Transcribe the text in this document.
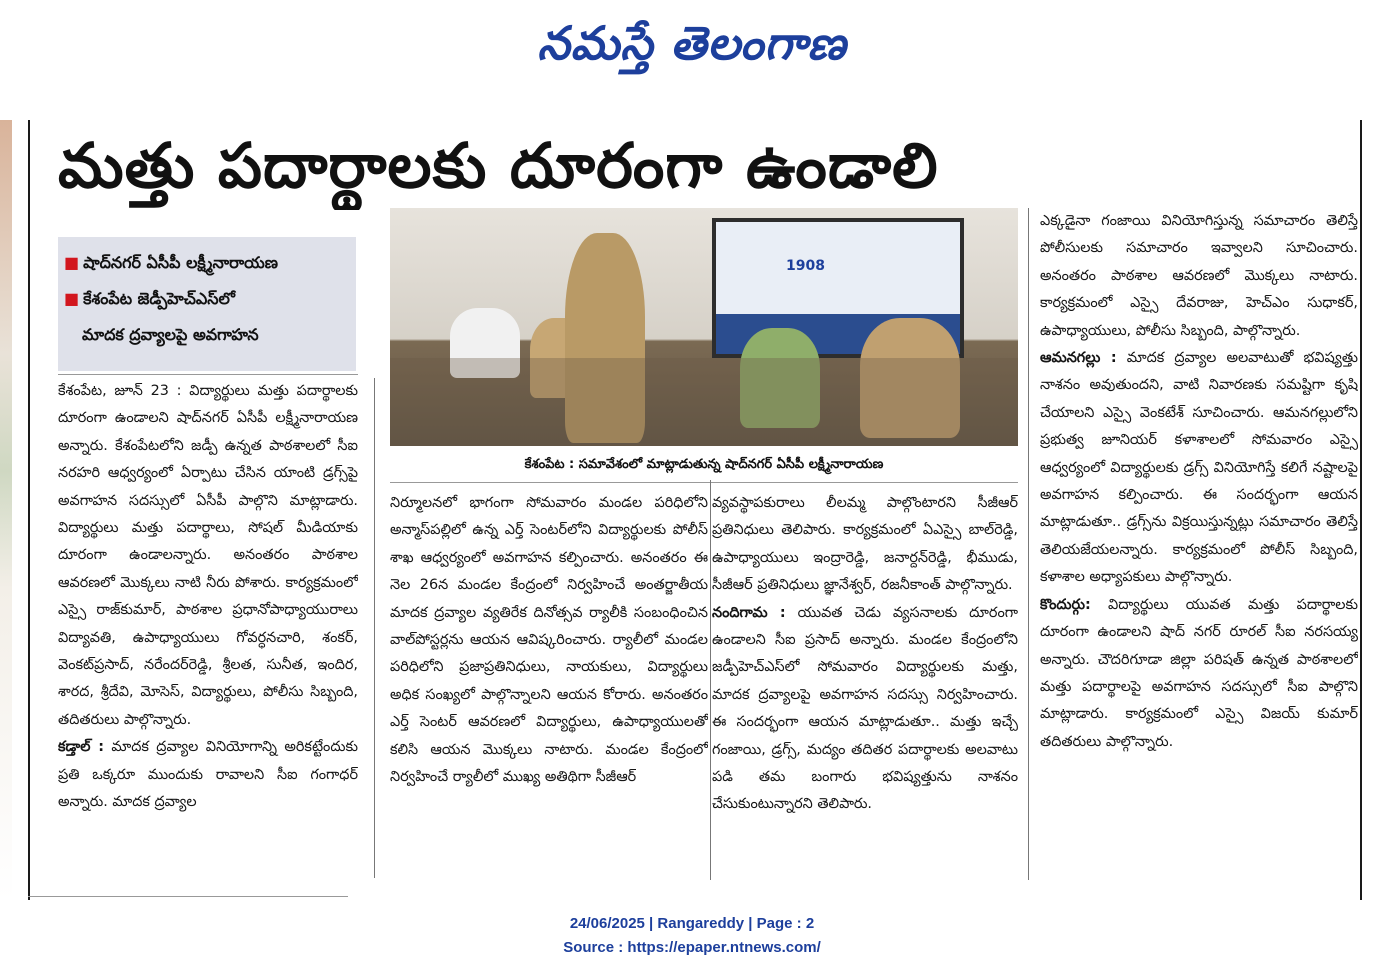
నమస్తే తెలంగాణ
మత్తు పదార్థాలకు దూరంగా ఉండాలి
■ షాద్‌నగర్ ఏసీపీ లక్ష్మీనారాయణ
■ కేశంపేట జెడ్పీహెచ్ఎస్‌లో
మాదక ద్రవ్యాలపై అవగాహన
1908
కేశంపేట : సమావేశంలో మాట్లాడుతున్న షాద్‌నగర్ ఏసీపీ లక్ష్మీనారాయణ

కేశంపేట, జూన్ 23 : విద్యార్థులు మత్తు పదార్థాలకు దూరంగా ఉండాలని షాద్‌నగర్ ఏసీపీ లక్ష్మీనారాయణ అన్నారు. కేశంపేటలోని జడ్పీ ఉన్నత పాఠశాలలో సీఐ నరహరి ఆధ్వర్యంలో ఏర్పాటు చేసిన యాంటి డ్రగ్స్‌పై అవగాహన సదస్సులో ఏసీపీ పాల్గొని మాట్లాడారు. విద్యార్థులు మత్తు పదార్థాలు, సోషల్ మీడియాకు దూరంగా ఉండాలన్నారు. అనంతరం పాఠశాల ఆవరణలో మొక్కలు నాటి నీరు పోశారు. కార్యక్రమంలో ఎస్సై రాజ్‌కుమార్, పాఠశాల ప్రధానోపాధ్యాయురాలు విద్యావతి, ఉపాధ్యాయులు గోవర్ధనచారి, శంకర్, వెంకట్‌ప్రసాద్, నరేందర్‌రెడ్డి, శ్రీలత, సునీత, ఇందిర, శారద, శ్రీదేవి, మోసెస్, విద్యార్థులు, పోలీసు సిబ్బంది, తదితరులు పాల్గొన్నారు.

కడ్తాల్ : మాదక ద్రవ్యాల వినియోగాన్ని అరికట్టేందుకు ప్రతి ఒక్కరూ ముందుకు రావాలని సీఐ గంగాధర్ అన్నారు. మాదక ద్రవ్యాల

నిర్మూలనలో భాగంగా సోమవారం మండల పరిధిలోని అన్మాస్‌పల్లిలో ఉన్న ఎర్త్ సెంటర్‌లోని విద్యార్థులకు పోలీస్ శాఖ ఆధ్వర్యంలో అవగాహన కల్పించారు. అనంతరం ఈ నెల 26న మండల కేంద్రంలో నిర్వహించే అంతర్జాతీయ మాదక ద్రవ్యాల వ్యతిరేక దినోత్సవ ర్యాలీకి సంబంధించిన వాల్‌పోస్టర్లను ఆయన ఆవిష్కరించారు. ర్యాలీలో మండల పరిధిలోని ప్రజాప్రతినిధులు, నాయకులు, విద్యార్థులు అధిక సంఖ్యలో పాల్గొన్నాలని ఆయన కోరారు. అనంతరం ఎర్త్ సెంటర్ ఆవరణలో విద్యార్థులు, ఉపాధ్యాయులతో కలిసి ఆయన మొక్కలు నాటారు. మండల కేంద్రంలో నిర్వహించే ర్యాలీలో ముఖ్య అతిథిగా సీజీఆర్

వ్యవస్థాపకురాలు లీలమ్మ పాల్గొంటారని సీజీఆర్ ప్రతినిధులు తెలిపారు. కార్యక్రమంలో ఏఎస్సై బాల్‌రెడ్డి, ఉపాధ్యాయులు ఇంద్రారెడ్డి, జనార్దన్‌రెడ్డి, భీముడు, సీజీఆర్ ప్రతినిధులు జ్ఞానేశ్వర్, రజనీకాంత్ పాల్గొన్నారు.

నందిగామ : యువత చెడు వ్యసనాలకు దూరంగా ఉండాలని సీఐ ప్రసాద్ అన్నారు. మండల కేంద్రంలోని జడ్పీహెచ్ఎస్‌లో సోమవారం విద్యార్థులకు మత్తు, మాదక ద్రవ్యాలపై అవగాహన సదస్సు నిర్వహించారు. ఈ సందర్భంగా ఆయన మాట్లాడుతూ.. మత్తు ఇచ్చే గంజాయి, డ్రగ్స్, మద్యం తదితర పదార్థాలకు అలవాటు పడి తమ బంగారు భవిష్యత్తును నాశనం చేసుకుంటున్నారని తెలిపారు.

ఎక్కడైనా గంజాయి వినియోగిస్తున్న సమాచారం తెలిస్తే పోలీసులకు సమాచారం ఇవ్వాలని సూచించారు. అనంతరం పాఠశాల ఆవరణలో మొక్కలు నాటారు. కార్యక్రమంలో ఎస్సై దేవరాజు, హెచ్‌ఎం సుధాకర్, ఉపాధ్యాయులు, పోలీసు సిబ్బంది, పాల్గొన్నారు.

ఆమనగల్లు : మాదక ద్రవ్యాల అలవాటుతో భవిష్యత్తు నాశనం అవుతుందని, వాటి నివారణకు సమష్టిగా కృషి చేయాలని ఎస్సై వెంకటేశ్ సూచించారు. ఆమనగల్లులోని ప్రభుత్వ జూనియర్ కళాశాలలో సోమవారం ఎస్సై ఆధ్వర్యంలో విద్యార్థులకు డ్రగ్స్ వినియోగిస్తే కలిగే నష్టాలపై అవగాహన కల్పించారు. ఈ సందర్భంగా ఆయన మాట్లాడుతూ.. డ్రగ్స్‌ను విక్రయిస్తున్నట్లు సమాచారం తెలిస్తే తెలియజేయలన్నారు. కార్యక్రమంలో పోలీస్ సిబ్బంది, కళాశాల అధ్యాపకులు పాల్గొన్నారు.

కొందుర్గు: విద్యార్థులు యువత మత్తు పదార్థాలకు దూరంగా ఉండాలని షాద్ నగర్ రూరల్ సీఐ నరసయ్య అన్నారు. చౌదరిగూడా జిల్లా పరిషత్ ఉన్నత పాఠశాలలో మత్తు పదార్థాలపై అవగాహన సదస్సులో సీఐ పాల్గొని మాట్లాడారు. కార్యక్రమంలో ఎస్సై విజయ్ కుమార్ తదితరులు పాల్గొన్నారు.

24/06/2025 | Rangareddy | Page : 2
Source : https://epaper.ntnews.com/
